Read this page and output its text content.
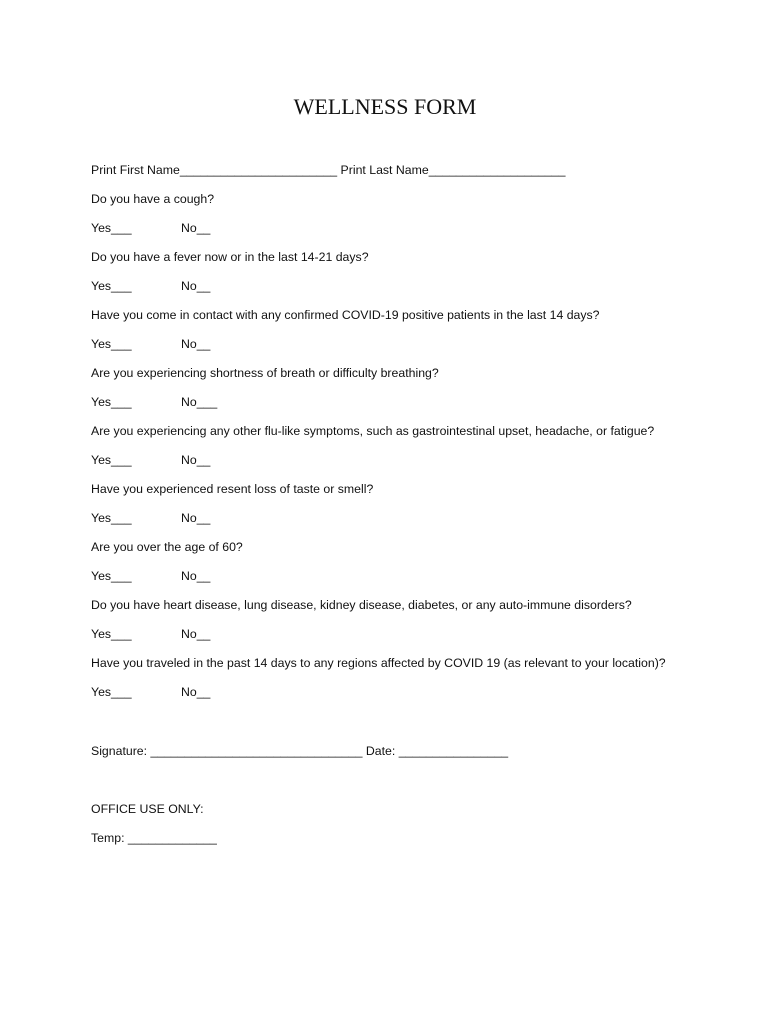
WELLNESS FORM
Print First Name_______________________ Print Last Name____________________
Do you have a cough?
Yes___	No__
Do you have a fever now or in the last 14-21 days?
Yes___	No__
Have you come in contact with any confirmed COVID-19 positive patients in the last 14 days?
Yes___	No__
Are you experiencing shortness of breath or difficulty breathing?
Yes___	No___
Are you experiencing any other flu-like symptoms, such as gastrointestinal upset, headache, or fatigue?
Yes___	No__
Have you experienced resent loss of taste or smell?
Yes___	No__
Are you over the age of 60?
Yes___	No__
Do you have heart disease, lung disease, kidney disease, diabetes, or any auto-immune disorders?
Yes___	No__
Have you traveled in the past 14 days to any regions affected by COVID 19 (as relevant to your location)?
Yes___	No__
Signature: _______________________________ Date: ________________
OFFICE USE ONLY:
Temp: _____________
